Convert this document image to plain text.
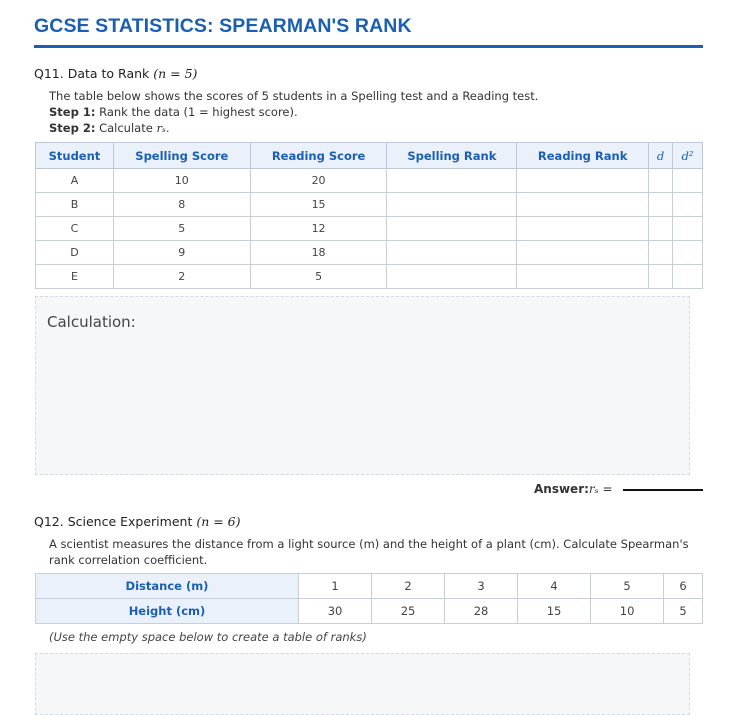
GCSE STATISTICS: SPEARMAN'S RANK
Q11. Data to Rank (n = 5)
The table below shows the scores of 5 students in a Spelling test and a Reading test.
Step 1: Rank the data (1 = highest score).
Step 2: Calculate rₛ.
Student	Spelling Score	Reading Score	Spelling Rank	Reading Rank	d	d²
A	10	20				
B	8	15				
C	5	12				
D	9	18				
E	2	5				
Calculation:
Answer:rₛ =
Q12. Science Experiment (n = 6)
A scientist measures the distance from a light source (m) and the height of a plant (cm). Calculate Spearman's rank correlation coefficient.
Distance (m)	1	2	3	4	5	6
Height (cm)	30	25	28	15	10	5
(Use the empty space below to create a table of ranks)
